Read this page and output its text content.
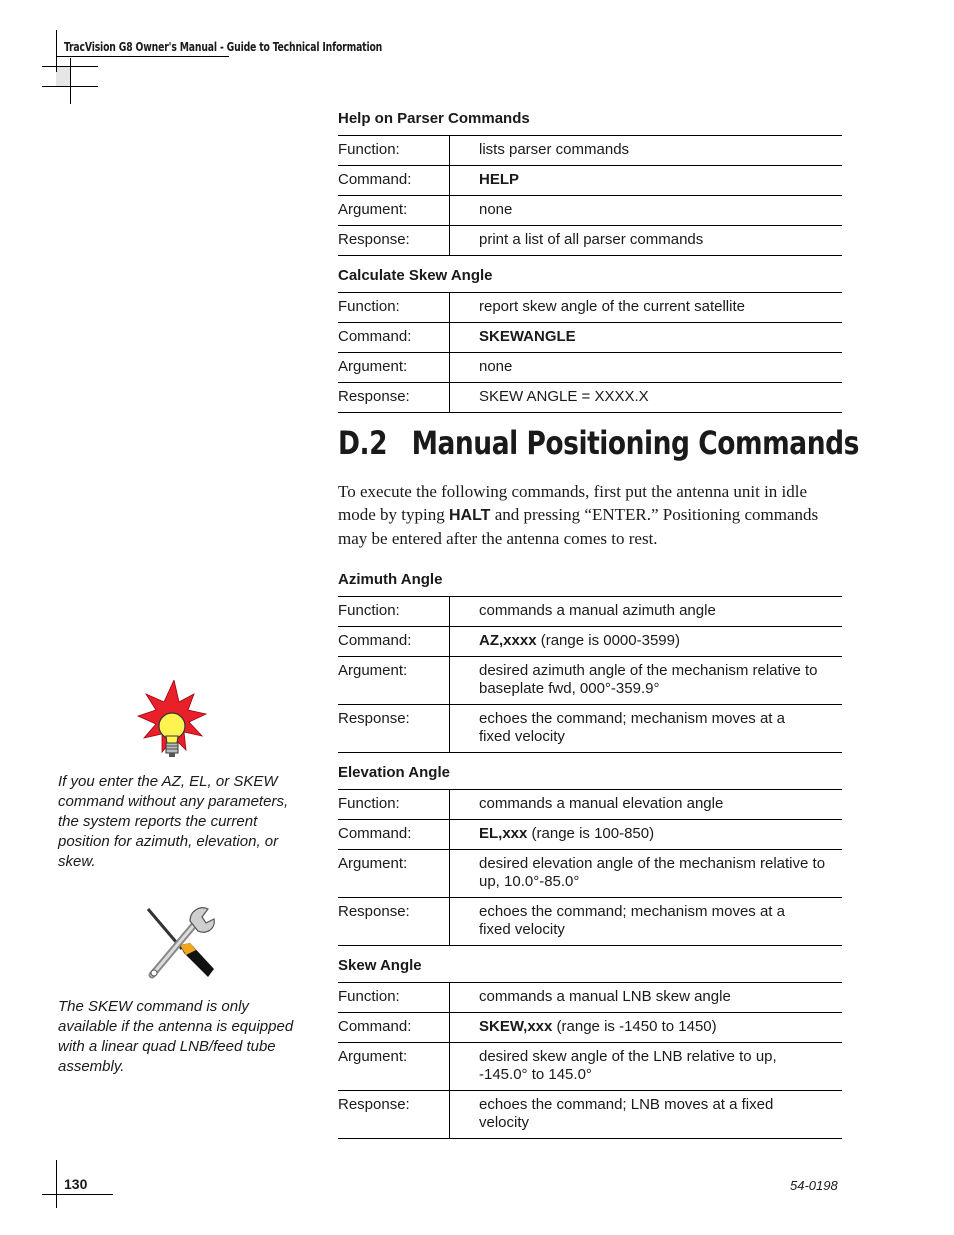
TracVision G8 Owner's Manual - Guide to Technical Information
Help on Parser Commands
Function:	lists parser commands
Command:	HELP
Argument:	none
Response:	print a list of all parser commands
Calculate Skew Angle
Function:	report skew angle of the current satellite
Command:	SKEWANGLE
Argument:	none
Response:	SKEW ANGLE = XXXX.X
D.2 Manual Positioning Commands

To execute the following commands, first put the antenna unit in idle mode by typing HALT and pressing “ENTER.” Positioning commands may be entered after the antenna comes to rest.

Azimuth Angle
Function:	commands a manual azimuth angle
Command:	AZ,xxxx (range is 0000-3599)
Argument:	desired azimuth angle of the mechanism relative to baseplate fwd, 000°-359.9°
Response:	echoes the command; mechanism moves at a fixed velocity
Elevation Angle
Function:	commands a manual elevation angle
Command:	EL,xxx (range is 100-850)
Argument:	desired elevation angle of the mechanism relative to up, 10.0°-85.0°
Response:	echoes the command; mechanism moves at a fixed velocity
Skew Angle
Function:	commands a manual LNB skew angle
Command:	SKEW,xxx (range is -1450 to 1450)
Argument:	desired skew angle of the LNB relative to up, -145.0° to 145.0°
Response:	echoes the command; LNB moves at a fixed velocity

If you enter the AZ, EL, or SKEW command without any parameters, the system reports the current position for azimuth, elevation, or skew.

The SKEW command is only available if the antenna is equipped with a linear quad LNB/feed tube assembly.

130	54-0198
